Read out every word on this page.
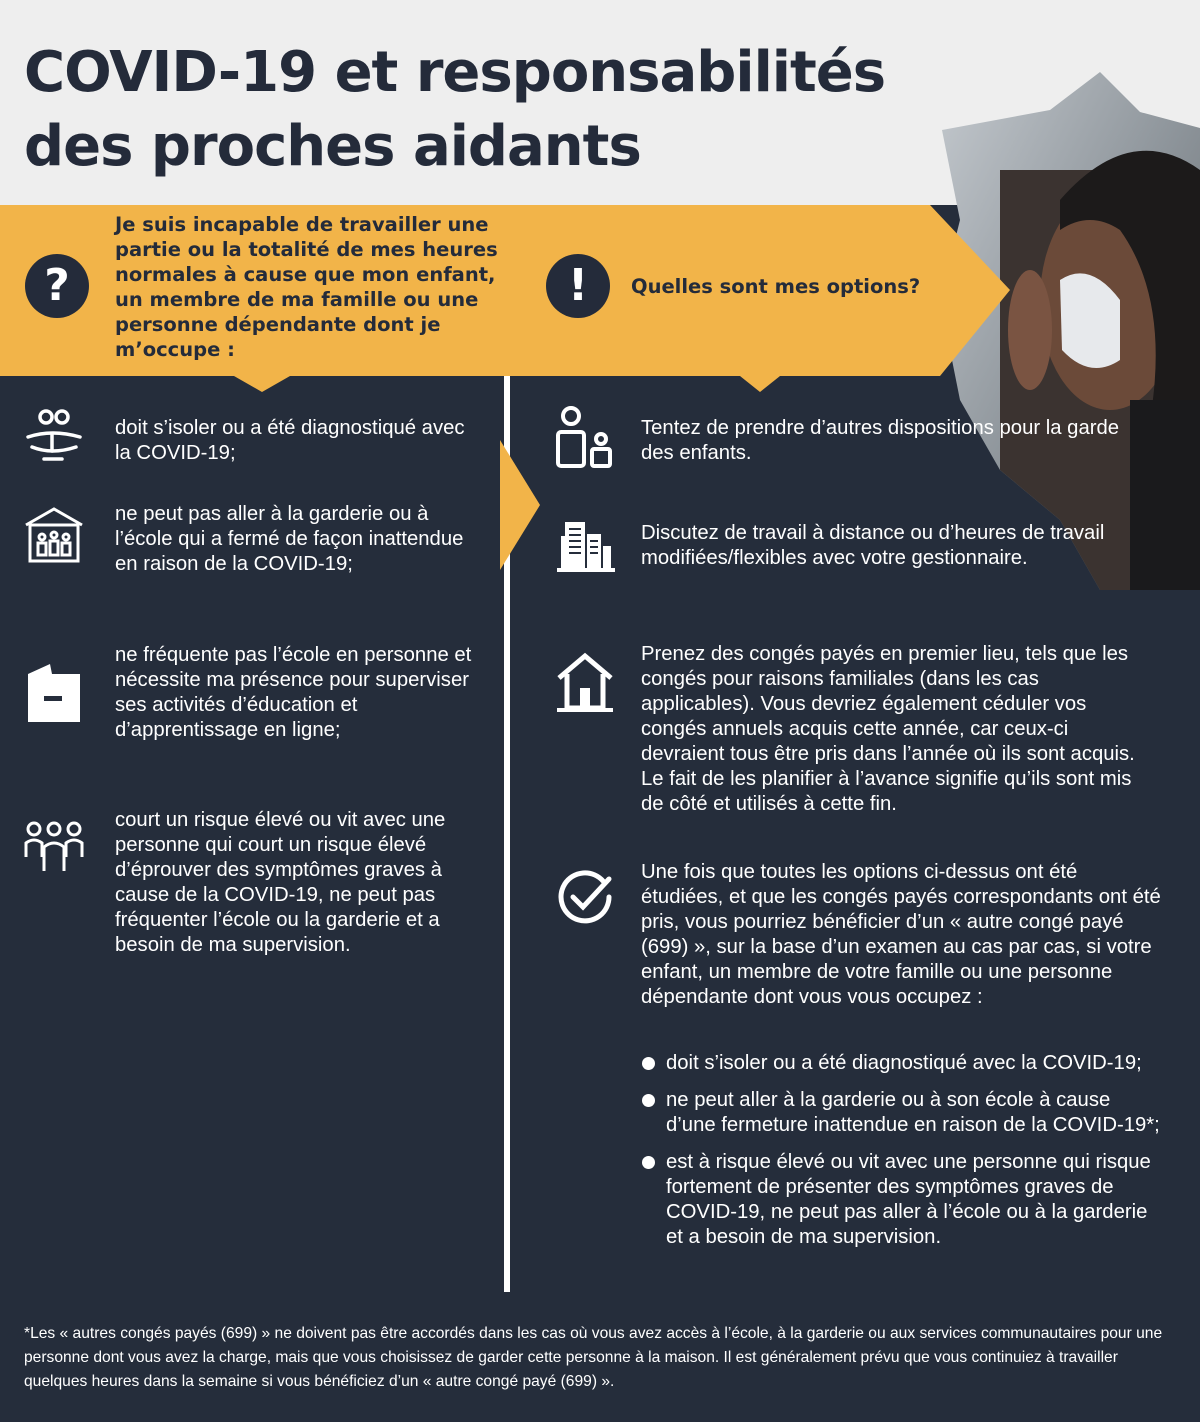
COVID-19 et responsabilités des proches aidants
?
Je suis incapable de travailler une partie ou la totalité de mes heures normales à cause que mon enfant, un membre de ma famille ou une personne dépendante dont je m’occupe :
!	Quelles sont mes options?
doit s’isoler ou a été diagnostiqué avec la COVID-19;
ne peut pas aller à la garderie ou à l’école qui a fermé de façon inattendue en raison de la COVID-19;
ne fréquente pas l’école en personne et nécessite ma présence pour superviser ses activités d’éducation et d’apprentissage en ligne;
court un risque élevé ou vit avec une personne qui court un risque élevé d’éprouver des symptômes graves à cause de la COVID-19, ne peut pas fréquenter l’école ou la garderie et a besoin de ma supervision.
Tentez de prendre d’autres dispositions pour la garde des enfants.
Discutez de travail à distance ou d’heures de travail modifiées/flexibles avec votre gestionnaire.
Prenez des congés payés en premier lieu, tels que les congés pour raisons familiales (dans les cas applicables). Vous devriez également céduler vos congés annuels acquis cette année, car ceux-ci devraient tous être pris dans l’année où ils sont acquis. Le fait de les planifier à l’avance signifie qu’ils sont mis de côté et utilisés à cette fin.
Une fois que toutes les options ci-dessus ont été étudiées, et que les congés payés correspondants ont été pris, vous pourriez bénéficier d’un « autre congé payé (699) », sur la base d’un examen au cas par cas, si votre enfant, un membre de votre famille ou une personne dépendante dont vous vous occupez :
doit s’isoler ou a été diagnostiqué avec la COVID-19;
ne peut aller à la garderie ou à son école à cause d’une fermeture inattendue en raison de la COVID-19*;
est à risque élevé ou vit avec une personne qui risque fortement de présenter des symptômes graves de COVID-19, ne peut pas aller à l’école ou à la garderie et a besoin de ma supervision.
*Les « autres congés payés (699) » ne doivent pas être accordés dans les cas où vous avez accès à l’école, à la garderie ou aux services communautaires pour une personne dont vous avez la charge, mais que vous choisissez de garder cette personne à la maison. Il est généralement prévu que vous continuiez à travailler quelques heures dans la semaine si vous bénéficiez d’un « autre congé payé (699) ».
